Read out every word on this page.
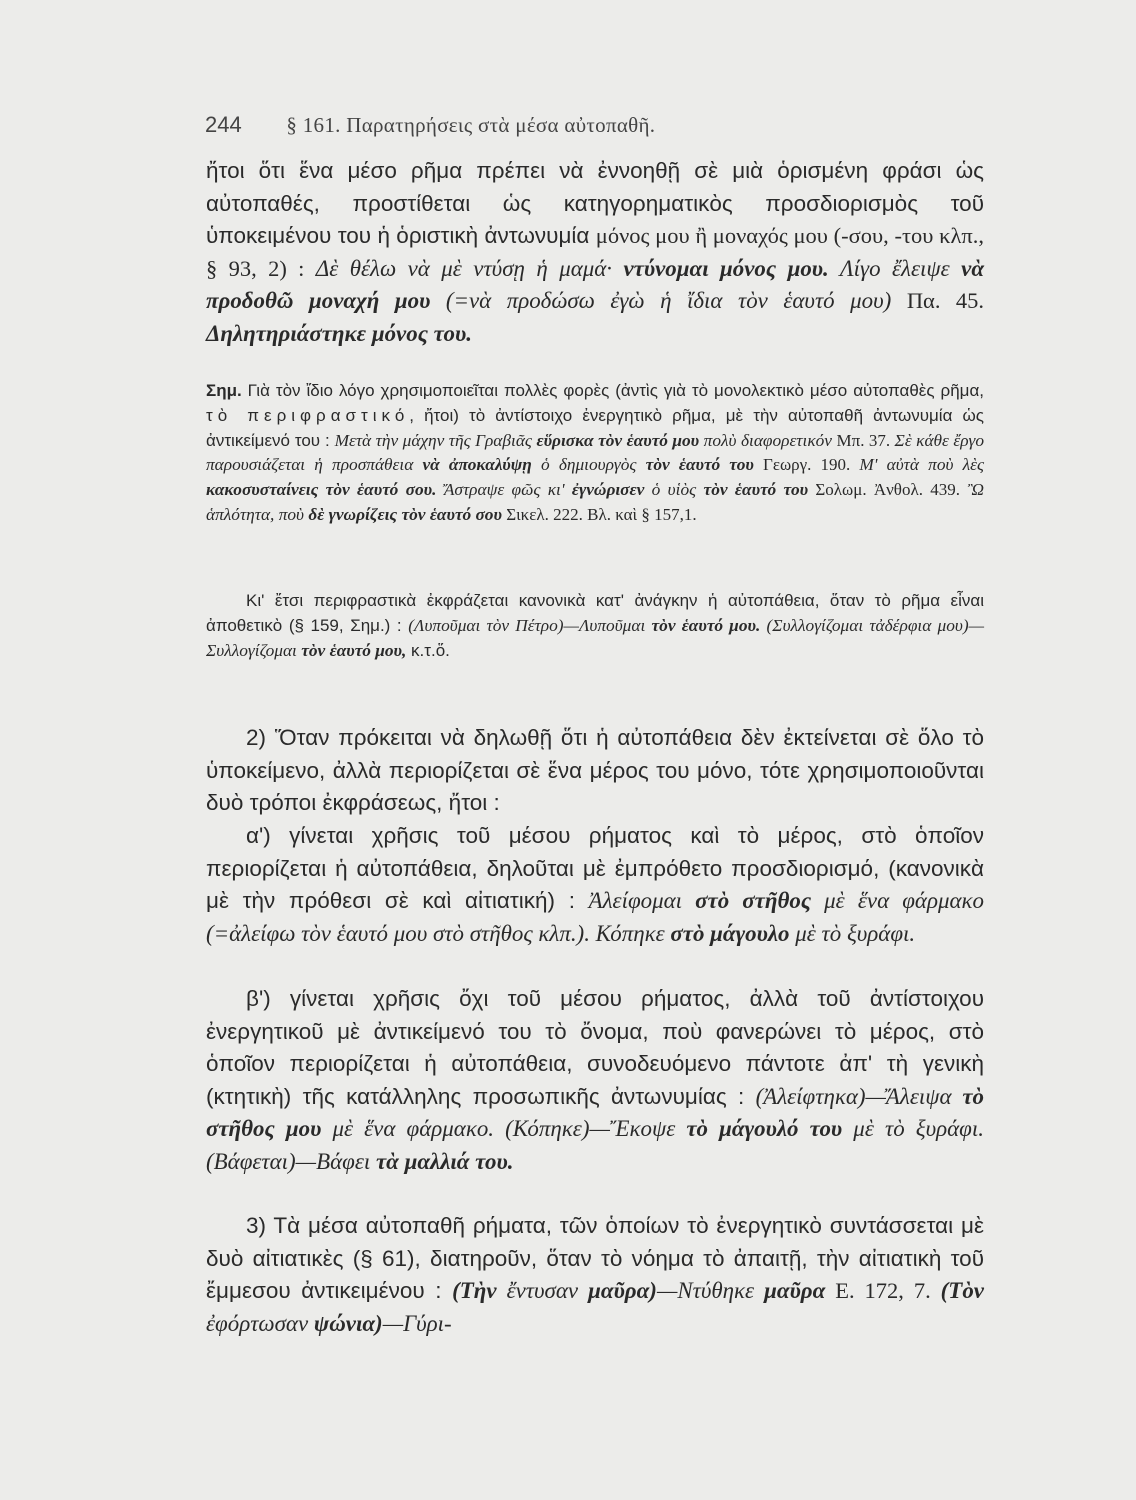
244 § 161. Παρατηρήσεις στὰ μέσα αὐτοπαθῆ.

ἤτοι ὅτι ἕνα μέσο ρῆμα πρέπει νὰ ἐννοηθῇ σὲ μιὰ ὁρισμένη φράσι ὡς αὐτοπαθές, προστίθεται ὡς κατηγορηματικὸς προσδιορισμὸς τοῦ ὑποκειμένου του ἡ ὁριστικὴ ἀντωνυμία μόνος μου ἢ μοναχός μου (-σου, -του κλπ., § 93, 2) : Δὲ θέλω νὰ μὲ ντύσῃ ἡ μαμά· ντύνομαι μόνος μου. Λίγο ἔλειψε νὰ προδοθῶ μοναχή μου (=νὰ προδώσω ἐγὼ ἡ ἴδια τὸν ἑαυτό μου) Πα. 45. Δηλητηριάστηκε μόνος του.

Σημ. Γιὰ τὸν ἴδιο λόγο χρησιμοποιεῖται πολλὲς φορὲς (ἀντὶς γιὰ τὸ μονολεκτικὸ μέσο αὐτοπαθὲς ρῆμα, τὸ περιφραστικό, ἤτοι) τὸ ἀντίστοιχο ἐνεργητικὸ ρῆμα, μὲ τὴν αὐτοπαθῆ ἀντωνυμία ὡς ἀντικείμενό του : Μετὰ τὴν μάχην τῆς Γραβιᾶς εὕρισκα τὸν ἑαυτό μου πολὺ διαφορετικόν Μπ. 37. Σὲ κάθε ἔργο παρουσιάζεται ἡ προσπάθεια νὰ ἀποκαλύψῃ ὁ δημιουργὸς τὸν ἑαυτό του Γεωργ. 190. Μ' αὐτὰ ποὺ λὲς κακοσυσταίνεις τὸν ἑαυτό σου. Ἄστραψε φῶς κι' ἐγνώρισεν ὁ υἱὸς τὸν ἑαυτό του Σολωμ. Ἀνθολ. 439. Ὢ ἁπλότητα, ποὺ δὲ γνωρίζεις τὸν ἑαυτό σου Σικελ. 222. Βλ. καὶ § 157,1.

Κι' ἔτσι περιφραστικὰ ἐκφράζεται κανονικὰ κατ' ἀνάγκην ἡ αὐτοπάθεια, ὅταν τὸ ρῆμα εἶναι ἀποθετικὸ (§ 159, Σημ.) : (Λυποῦμαι τὸν Πέτρο)—Λυποῦμαι τὸν ἑαυτό μου. (Συλλογίζομαι τἀδέρφια μου)—Συλλογίζομαι τὸν ἑαυτό μου, κ.τ.ὅ.

2) Ὅταν πρόκειται νὰ δηλωθῇ ὅτι ἡ αὐτοπάθεια δὲν ἐκτείνεται σὲ ὅλο τὸ ὑποκείμενο, ἀλλὰ περιορίζεται σὲ ἕνα μέρος του μόνο, τότε χρησιμοποιοῦνται δυὸ τρόποι ἐκφράσεως, ἤτοι :

α') γίνεται χρῆσις τοῦ μέσου ρήματος καὶ τὸ μέρος, στὸ ὁποῖον περιορίζεται ἡ αὐτοπάθεια, δηλοῦται μὲ ἐμπρόθετο προσδιορισμό, (κανονικὰ μὲ τὴν πρόθεσι σὲ καὶ αἰτιατική) : Ἀλείφομαι στὸ στῆθος μὲ ἕνα φάρμακο (=ἀλείφω τὸν ἑαυτό μου στὸ στῆθος κλπ.). Κόπηκε στὸ μάγουλο μὲ τὸ ξυράφι.

β') γίνεται χρῆσις ὄχι τοῦ μέσου ρήματος, ἀλλὰ τοῦ ἀντίστοιχου ἐνεργητικοῦ μὲ ἀντικείμενό του τὸ ὄνομα, ποὺ φανερώνει τὸ μέρος, στὸ ὁποῖον περιορίζεται ἡ αὐτοπάθεια, συνοδευόμενο πάντοτε ἀπ' τὴ γενικὴ (κτητικὴ) τῆς κατάλληλης προσωπικῆς ἀντωνυμίας : (Ἀλείφτηκα)—Ἄλειψα τὸ στῆθος μου μὲ ἕνα φάρμακο. (Κόπηκε)—Ἔκοψε τὸ μάγουλό του μὲ τὸ ξυράφι. (Βάφεται)—Βάφει τὰ μαλλιά του.

3) Τὰ μέσα αὐτοπαθῆ ρήματα, τῶν ὁποίων τὸ ἐνεργητικὸ συντάσσεται μὲ δυὸ αἰτιατικὲς (§ 61), διατηροῦν, ὅταν τὸ νόημα τὸ ἀπαιτῇ, τὴν αἰτιατικὴ τοῦ ἔμμεσου ἀντικειμένου : (Τὴν ἔντυσαν μαῦρα)—Ντύθηκε μαῦρα Ε. 172, 7. (Τὸν ἐφόρτωσαν ψώνια)—Γύρι-
